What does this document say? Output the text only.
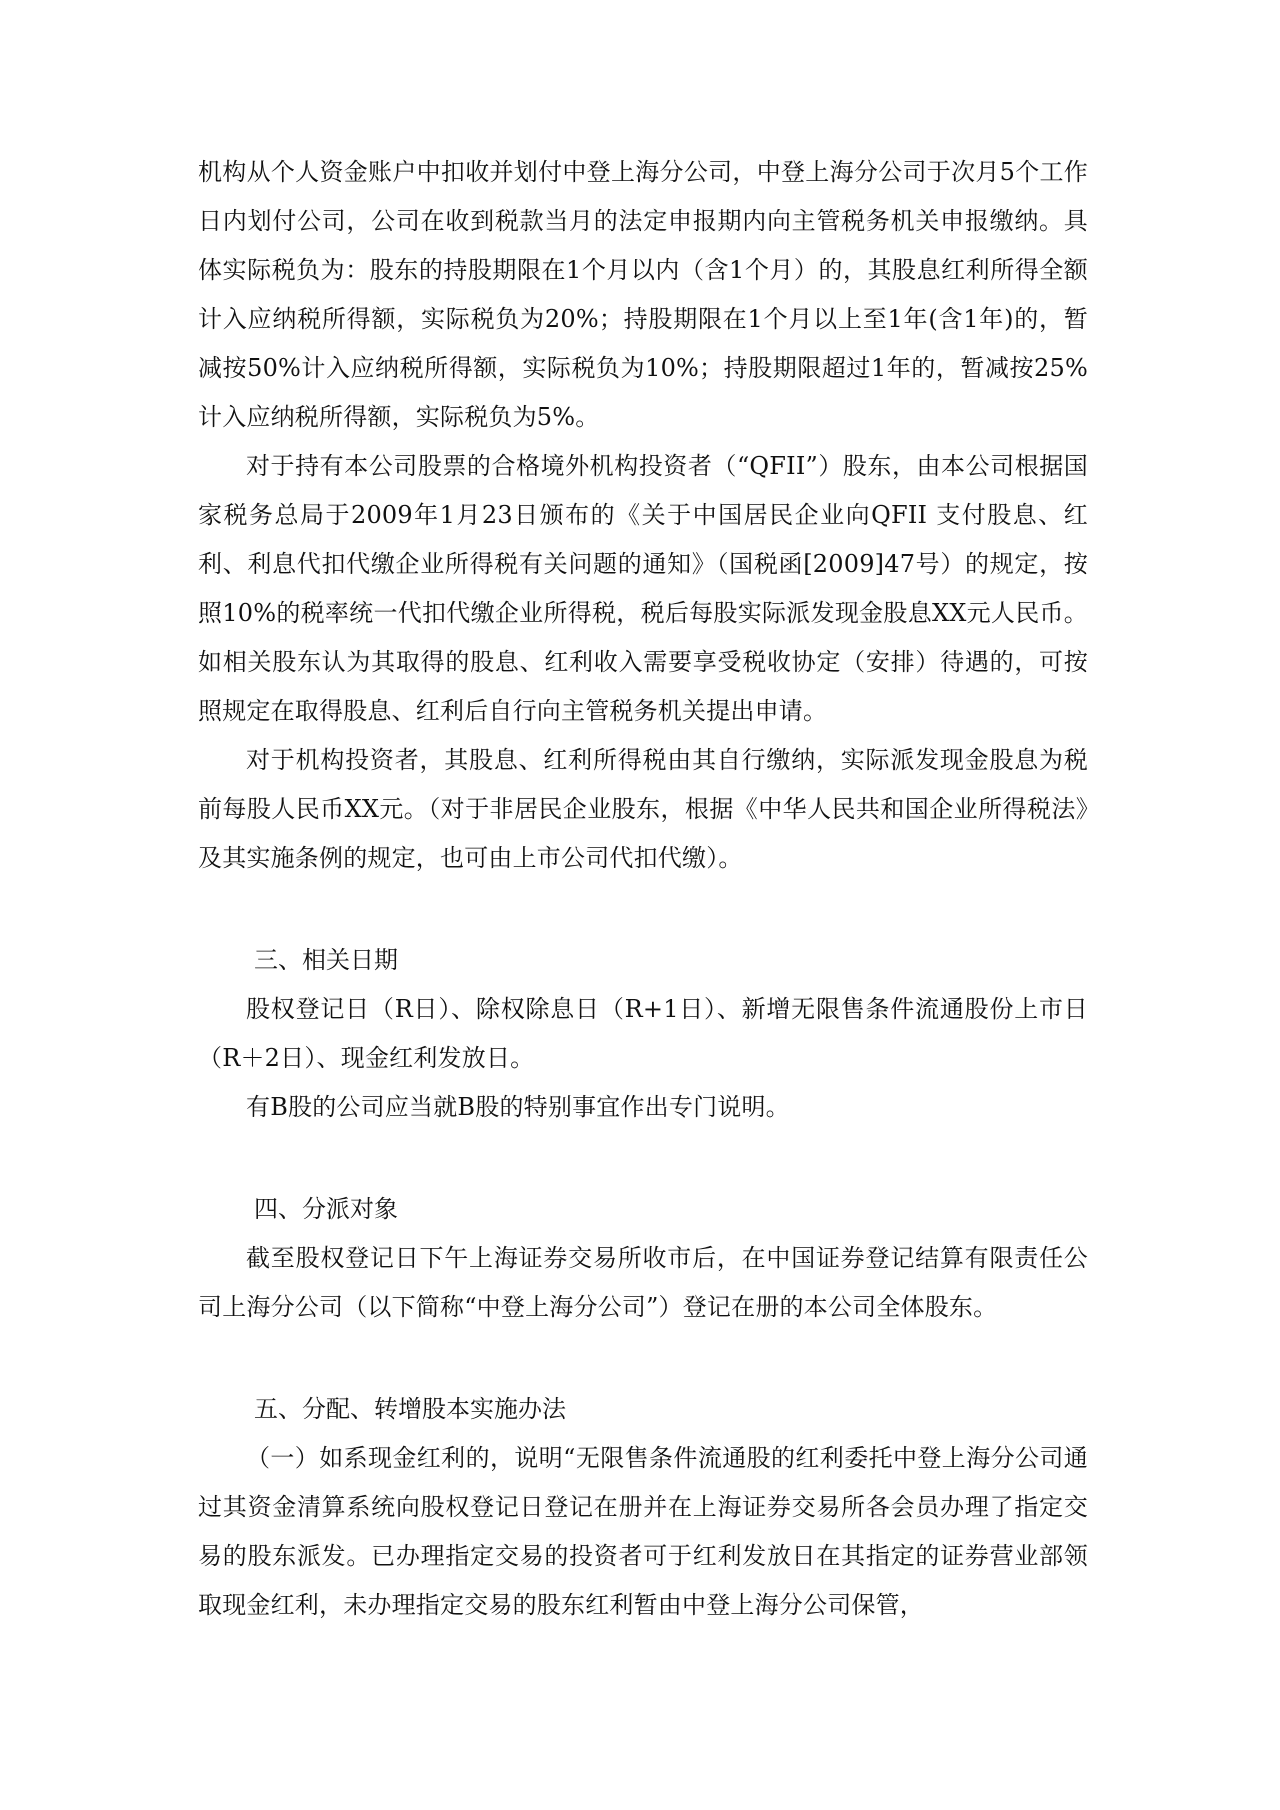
机构从个人资金账户中扣收并划付中登上海分公司，中登上海分公司于次月5个工作日内划付公司，公司在收到税款当月的法定申报期内向主管税务机关申报缴纳。具体实际税负为：股东的持股期限在1个月以内（含1个月）的，其股息红利所得全额计入应纳税所得额，实际税负为20%；持股期限在1个月以上至1年(含1年)的，暂减按50%计入应纳税所得额，实际税负为10%；持股期限超过1年的，暂减按25%计入应纳税所得额，实际税负为5%。

对于持有本公司股票的合格境外机构投资者（“QFII”）股东，由本公司根据国家税务总局于2009年1月23日颁布的《关于中国居民企业向QFII 支付股息、红利、利息代扣代缴企业所得税有关问题的通知》（国税函[2009]47号）的规定，按照10%的税率统一代扣代缴企业所得税，税后每股实际派发现金股息XX元人民币。如相关股东认为其取得的股息、红利收入需要享受税收协定（安排）待遇的，可按照规定在取得股息、红利后自行向主管税务机关提出申请。

对于机构投资者，其股息、红利所得税由其自行缴纳，实际派发现金股息为税前每股人民币XX元。（对于非居民企业股东，根据《中华人民共和国企业所得税法》及其实施条例的规定，也可由上市公司代扣代缴）。

三、相关日期

股权登记日（R日）、除权除息日（R+1日）、新增无限售条件流通股份上市日（R＋2日）、现金红利发放日。

有B股的公司应当就B股的特别事宜作出专门说明。

四、分派对象

截至股权登记日下午上海证券交易所收市后，在中国证券登记结算有限责任公司上海分公司（以下简称“中登上海分公司”）登记在册的本公司全体股东。

五、分配、转增股本实施办法

（一）如系现金红利的，说明“无限售条件流通股的红利委托中登上海分公司通过其资金清算系统向股权登记日登记在册并在上海证券交易所各会员办理了指定交易的股东派发。已办理指定交易的投资者可于红利发放日在其指定的证券营业部领取现金红利，未办理指定交易的股东红利暂由中登上海分公司保管，
